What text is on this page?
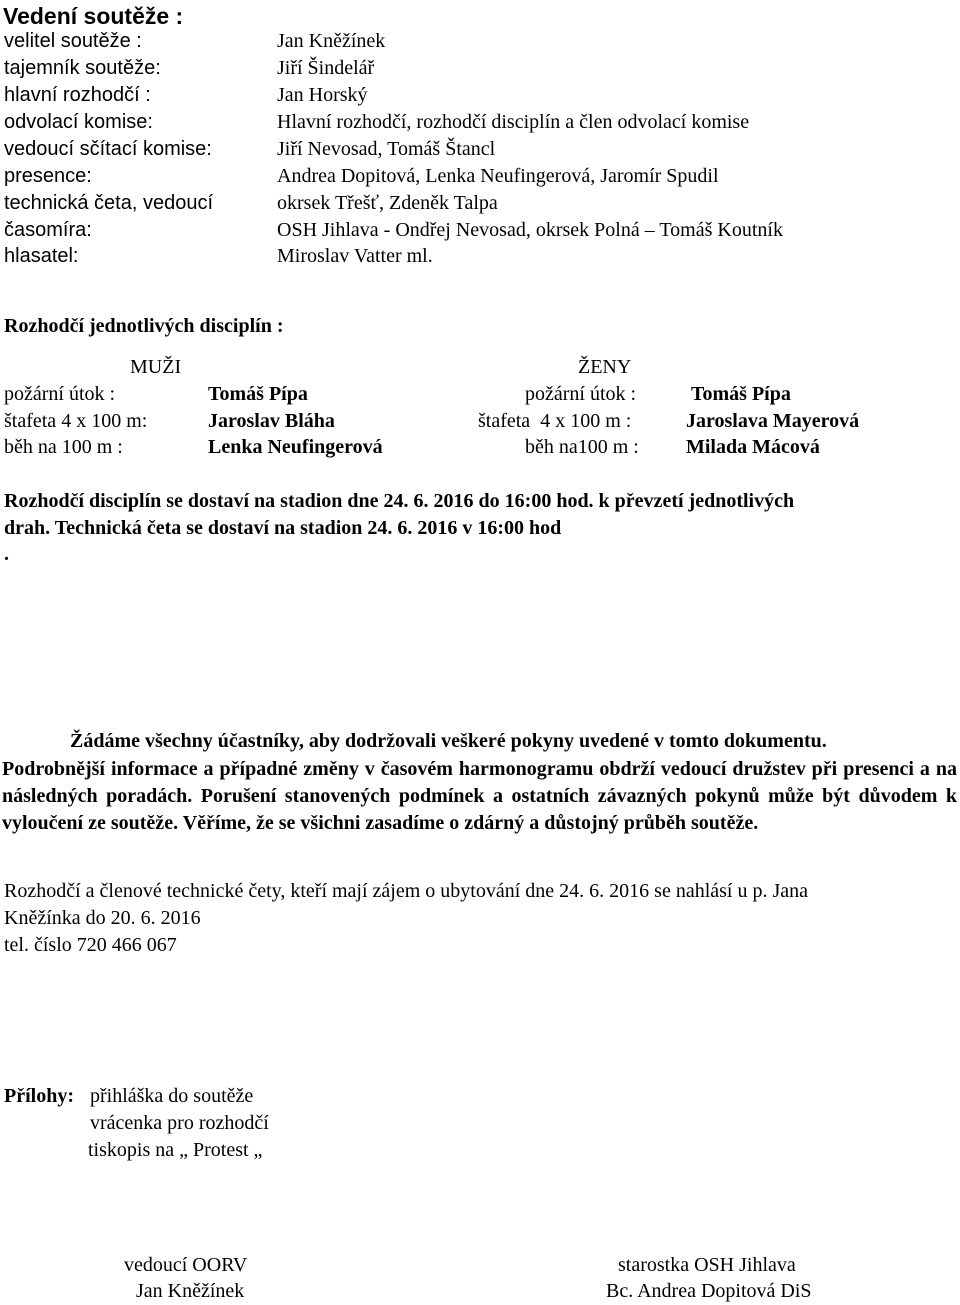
Vedení soutěže :
velitel soutěže :	Jan Kněžínek
tajemník soutěže:	Jiří Šindelář
hlavní rozhodčí :	Jan Horský
odvolací komise:	Hlavní rozhodčí, rozhodčí disciplín a člen odvolací komise
vedoucí sčítací komise:	Jiří Nevosad, Tomáš Štancl
presence:	Andrea Dopitová, Lenka Neufingerová, Jaromír Spudil
technická četa, vedoucí	okrsek Třešť, Zdeněk Talpa
časomíra:	OSH Jihlava - Ondřej Nevosad, okrsek Polná – Tomáš Koutník
hlasatel:	Miroslav Vatter ml.
Rozhodčí jednotlivých disciplín :
MUŽI	ŽENY
požární útok :	Tomáš Pípa	požární útok :	Tomáš Pípa
štafeta 4 x 100 m:	Jaroslav Bláha	štafeta  4 x 100 m :	Jaroslava Mayerová
běh na 100 m :	Lenka Neufingerová	běh na100 m : Milada Mácová
Rozhodčí disciplín se dostaví na stadion dne 24. 6. 2016 do 16:00 hod. k převzetí jednotlivých
drah. Technická četa se dostaví na stadion 24. 6. 2016 v 16:00 hod
.
Žádáme všechny účastníky, aby dodržovali veškeré pokyny uvedené v tomto dokumentu.
Podrobnější informace a případné změny v časovém harmonogramu obdrží vedoucí družstev při presenci a na následných poradách. Porušení stanovených podmínek a ostatních závazných pokynů může být důvodem k vyloučení ze soutěže. Věříme, že se všichni zasadíme o zdárný a důstojný průběh soutěže.
Rozhodčí a členové technické čety, kteří mají zájem o ubytování dne 24. 6. 2016 se nahlásí u p. Jana
Kněžínka do 20. 6. 2016
tel. číslo 720 466 067
Přílohy: přihláška do soutěže
vrácenka pro rozhodčí
tiskopis na „ Protest „
vedoucí OORV
Jan Kněžínek
starostka OSH Jihlava
Bc. Andrea Dopitová DiS
